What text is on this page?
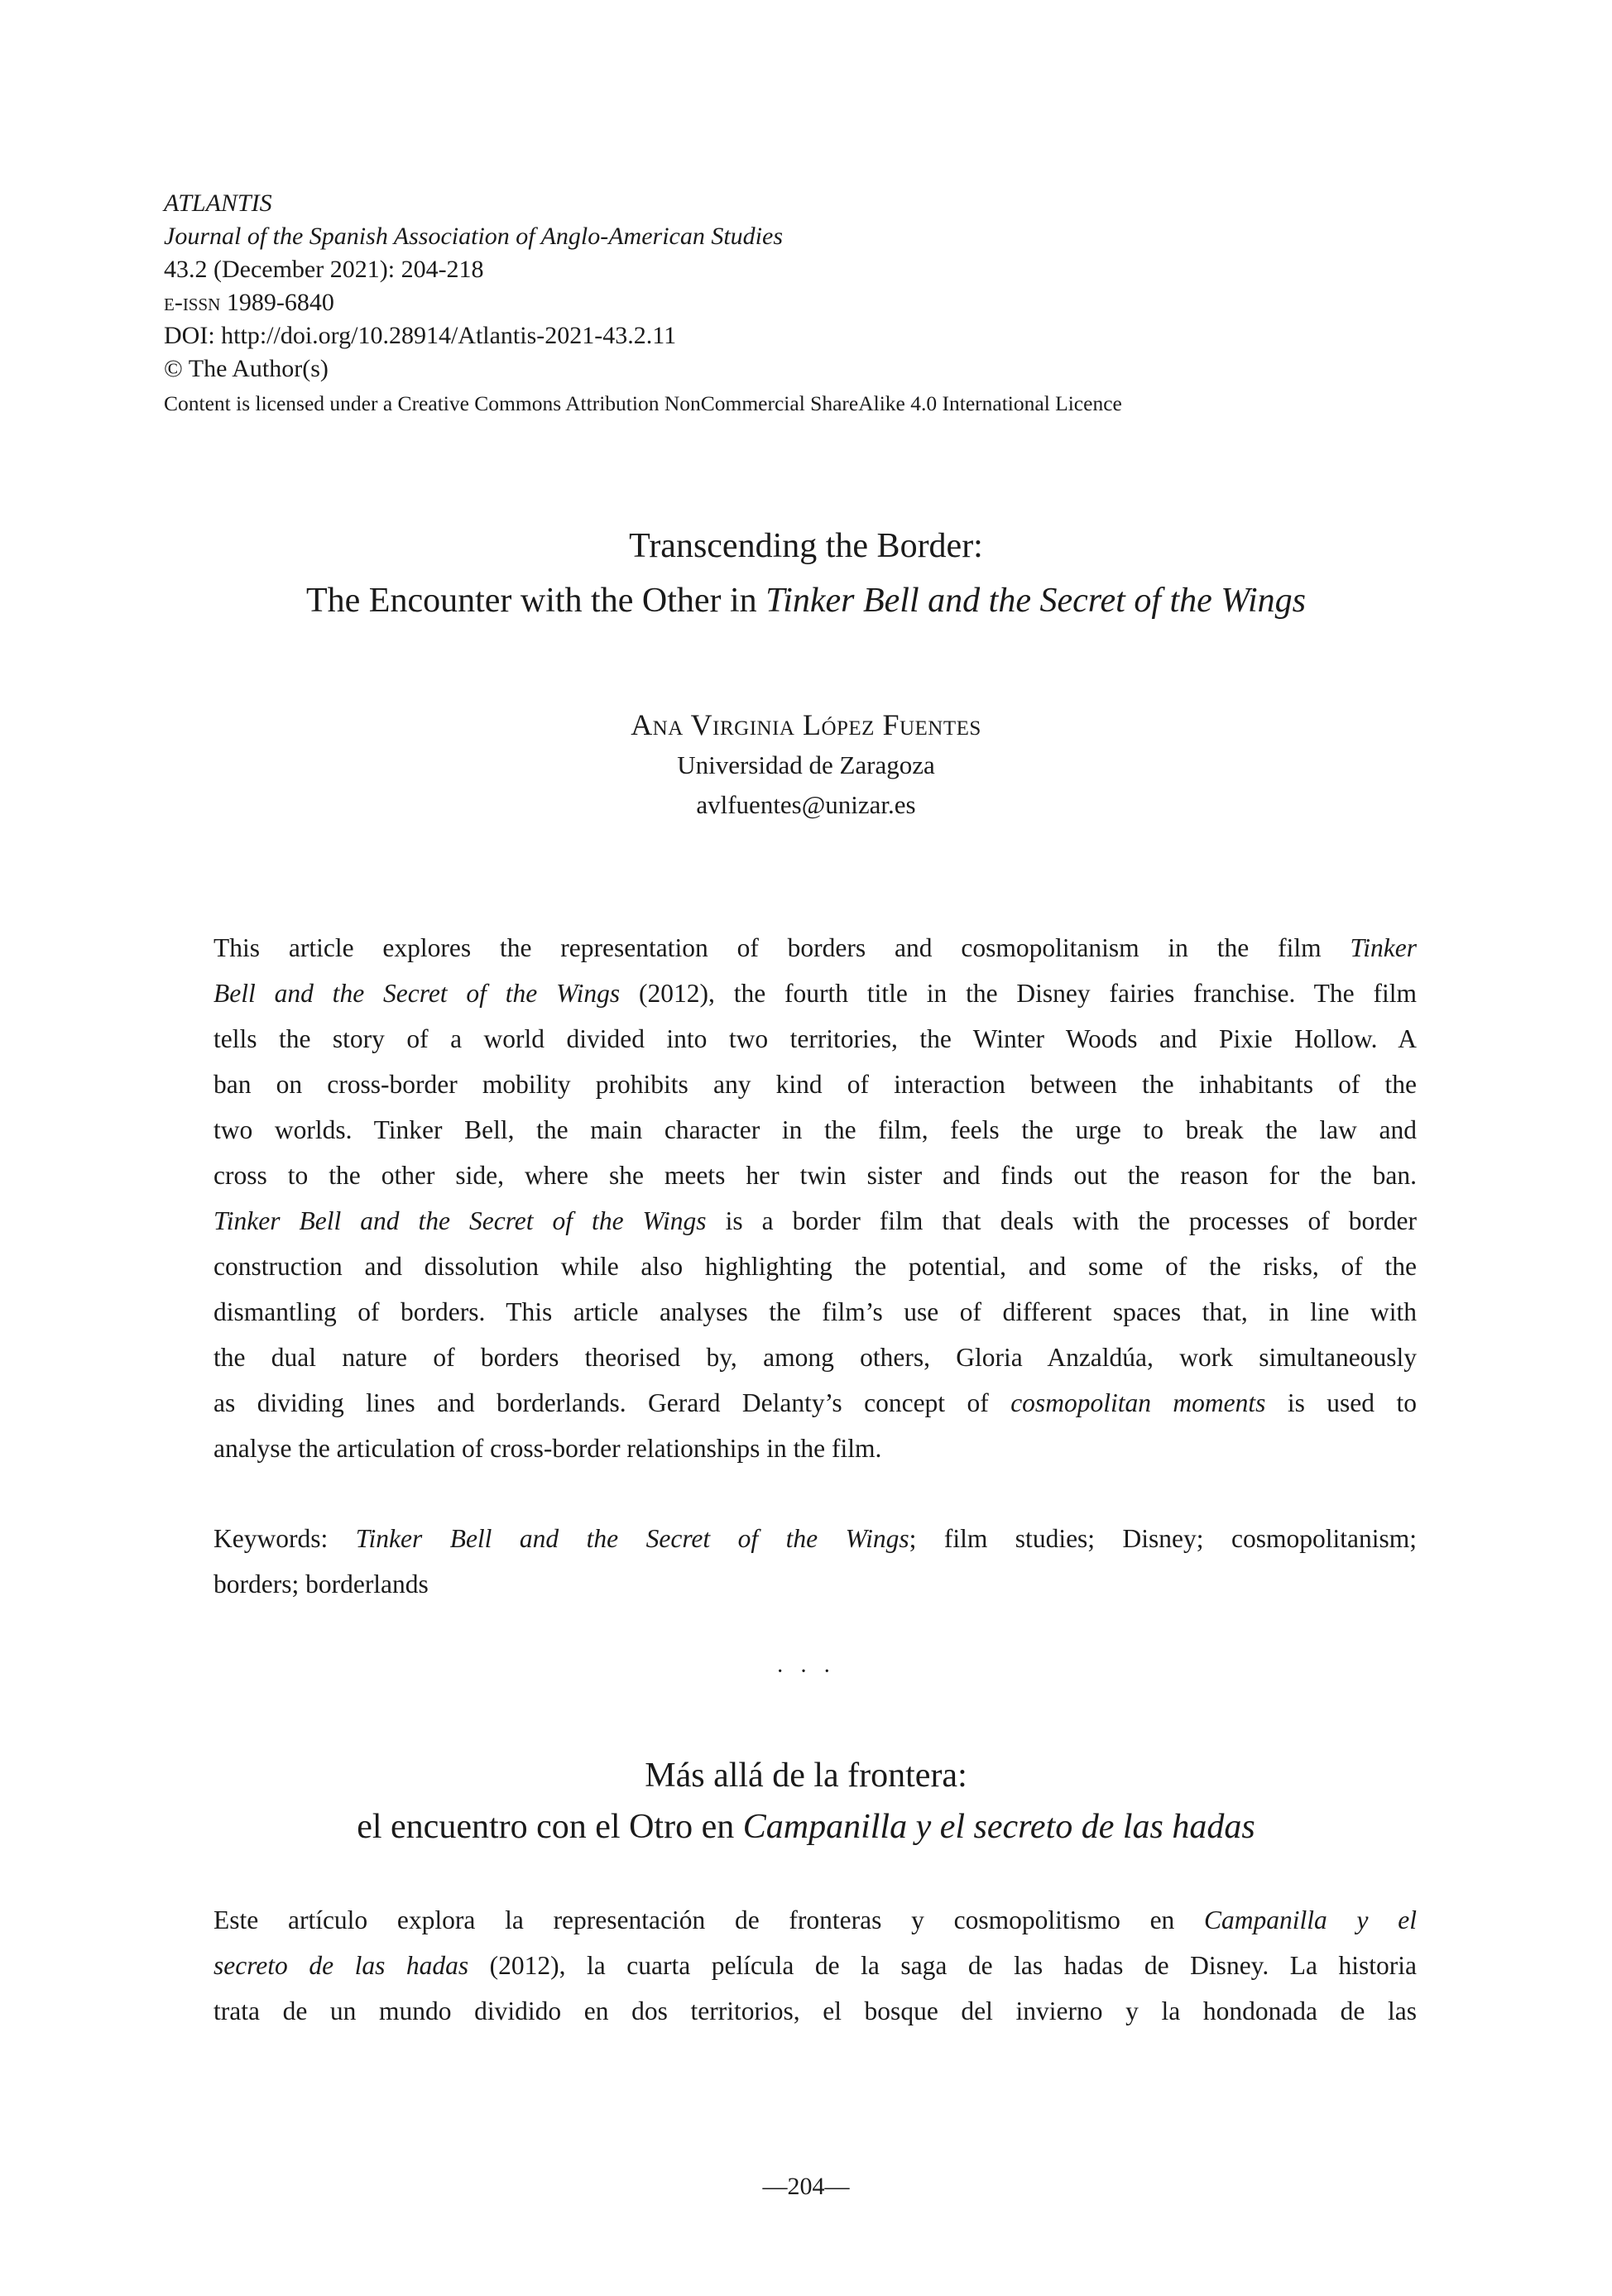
ATLANTIS
Journal of the Spanish Association of Anglo-American Studies
43.2 (December 2021): 204-218
e-issn 1989-6840
DOI: http://doi.org/10.28914/Atlantis-2021-43.2.11
© The Author(s)
Content is licensed under a Creative Commons Attribution NonCommercial ShareAlike 4.0 International Licence
Transcending the Border:
The Encounter with the Other in Tinker Bell and the Secret of the Wings
Ana Virginia López Fuentes
Universidad de Zaragoza
avlfuentes@unizar.es
This article explores the representation of borders and cosmopolitanism in the film Tinker
Bell and the Secret of the Wings (2012), the fourth title in the Disney fairies franchise. The film
tells the story of a world divided into two territories, the Winter Woods and Pixie Hollow. A
ban on cross-border mobility prohibits any kind of interaction between the inhabitants of the
two worlds. Tinker Bell, the main character in the film, feels the urge to break the law and
cross to the other side, where she meets her twin sister and finds out the reason for the ban.
Tinker Bell and the Secret of the Wings is a border film that deals with the processes of border
construction and dissolution while also highlighting the potential, and some of the risks, of the
dismantling of borders. This article analyses the film’s use of different spaces that, in line with
the dual nature of borders theorised by, among others, Gloria Anzaldúa, work simultaneously
as dividing lines and borderlands. Gerard Delanty’s concept of cosmopolitan moments is used to
analyse the articulation of cross-border relationships in the film.
Keywords: Tinker Bell and the Secret of the Wings; film studies; Disney; cosmopolitanism;
borders; borderlands
· · ·
Más allá de la frontera:
el encuentro con el Otro en Campanilla y el secreto de las hadas
Este artículo explora la representación de fronteras y cosmopolitismo en Campanilla y el
secreto de las hadas (2012), la cuarta película de la saga de las hadas de Disney. La historia
trata de un mundo dividido en dos territorios, el bosque del invierno y la hondonada de las
—204—
